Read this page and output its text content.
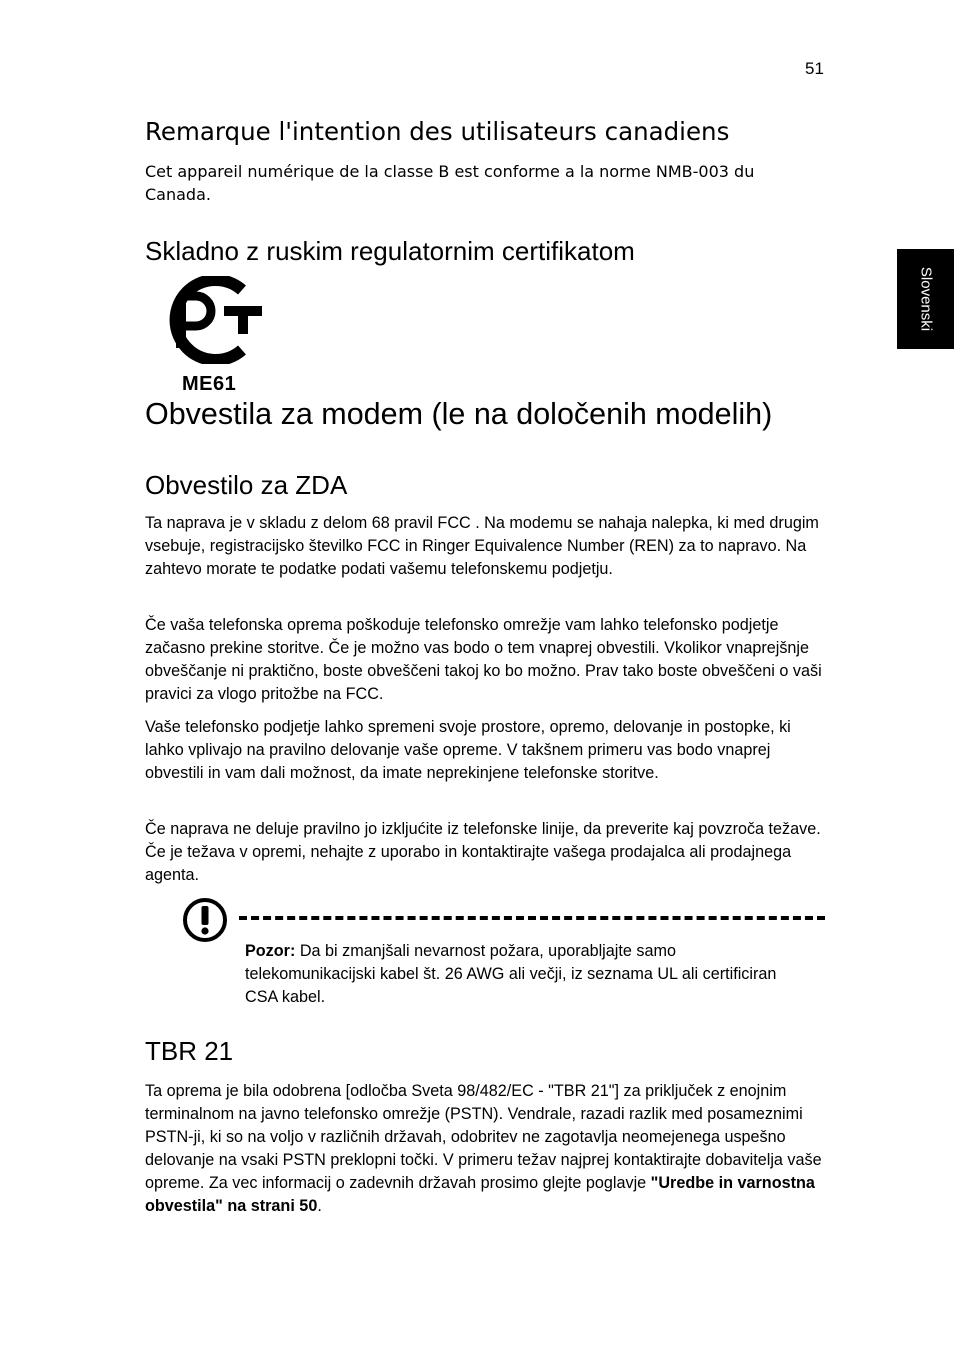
51
Slovenski
Remarque l'intention des utilisateurs canadiens

Cet appareil numérique de la classe B est conforme a la norme NMB-003 du Canada.

Skladno z ruskim regulatornim certifikatom
ME61
Obvestila za modem (le na določenih modelih)
Obvestilo za ZDA

Ta naprava je v skladu z delom 68 pravil FCC . Na modemu se nahaja nalepka, ki med drugim vsebuje, registracijsko številko FCC in Ringer Equivalence Number (REN) za to napravo. Na zahtevo morate te podatke podati vašemu telefonskemu podjetju.

Če vaša telefonska oprema poškoduje telefonsko omrežje vam lahko telefonsko podjetje začasno prekine storitve. Če je možno vas bodo o tem vnaprej obvestili. Vkolikor vnaprejšnje obveščanje ni praktično, boste obveščeni takoj ko bo možno. Prav tako boste obveščeni o vaši pravici za vlogo pritožbe na FCC.

Vaše telefonsko podjetje lahko spremeni svoje prostore, opremo, delovanje in postopke, ki lahko vplivajo na pravilno delovanje vaše opreme. V takšnem primeru vas bodo vnaprej obvestili in vam dali možnost, da imate neprekinjene telefonske storitve.

Če naprava ne deluje pravilno jo izkljućite iz telefonske linije, da preverite kaj povzroča težave. Če je težava v opremi, nehajte z uporabo in kontaktirajte vašega prodajalca ali prodajnega agenta.

Pozor: Da bi zmanjšali nevarnost požara, uporabljajte samo telekomunikacijski kabel št. 26 AWG ali večji, iz seznama UL ali certificiran CSA kabel.

TBR 21

Ta oprema je bila odobrena [odločba Sveta 98/482/EC - "TBR 21"] za priključek z enojnim terminalnom na javno telefonsko omrežje (PSTN). Vendrale, razadi razlik med posameznimi PSTN-ji, ki so na voljo v različnih državah, odobritev ne zagotavlja neomejenega uspešno delovanje na vsaki PSTN preklopni točki. V primeru težav najprej kontaktirajte dobavitelja vaše opreme. Za vec informacij o zadevnih državah prosimo glejte poglavje "Uredbe in varnostna obvestila" na strani 50.
